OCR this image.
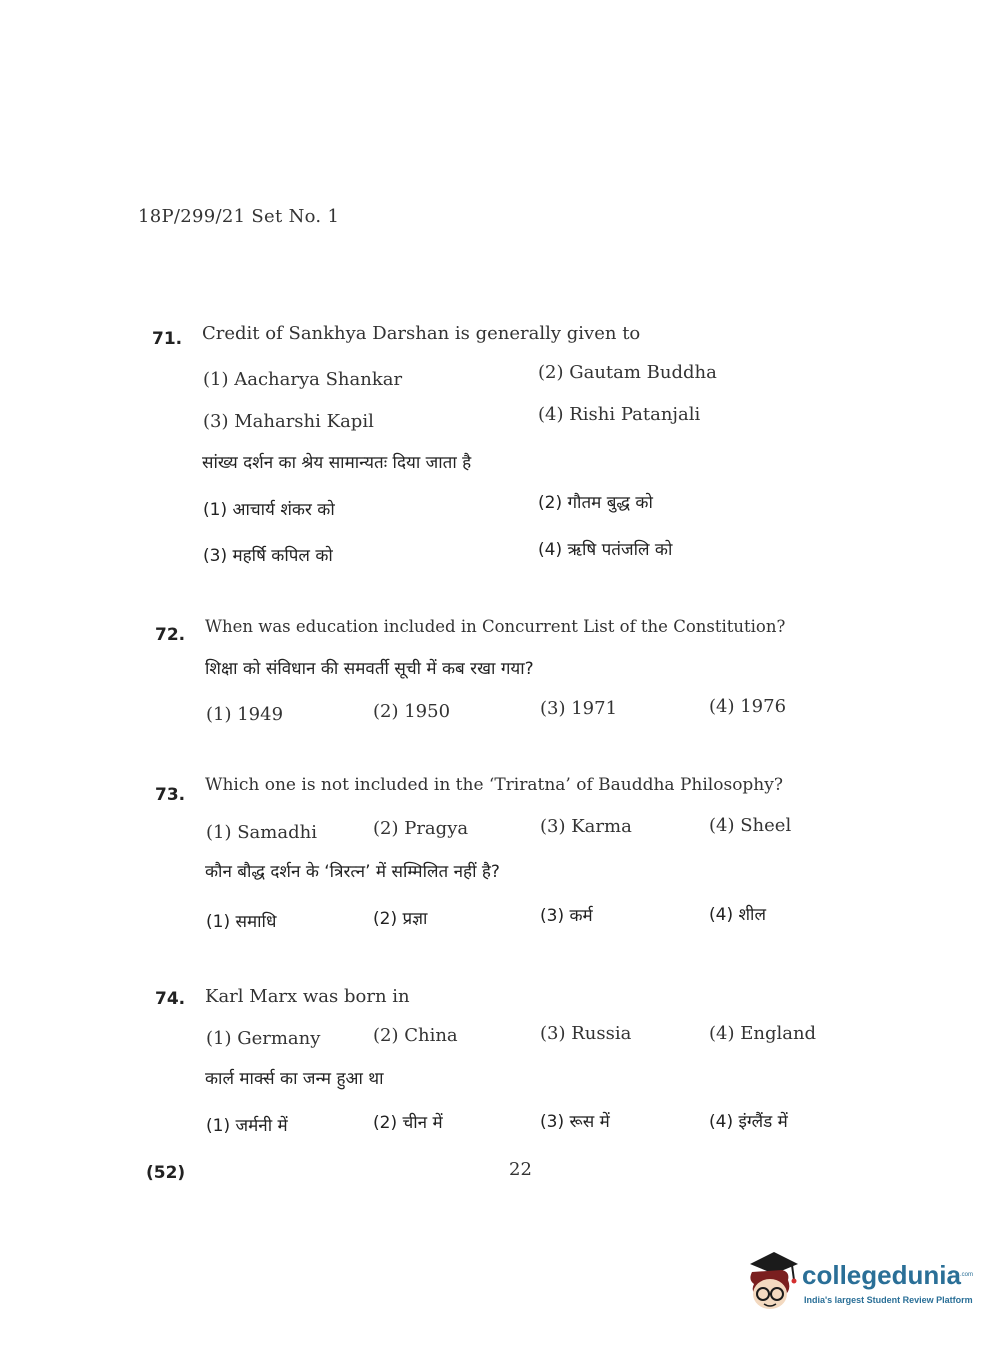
18P/299/21 Set No. 1
71. Credit of Sankhya Darshan is generally given to
(1) Aacharya Shankar	(2) Gautam Buddha
(3) Maharshi Kapil	(4) Rishi Patanjali
सांख्य दर्शन का श्रेय सामान्यतः दिया जाता है
(1) आचार्य शंकर को	(2) गौतम बुद्ध को
(3) महर्षि कपिल को	(4) ऋषि पतंजलि को
72. When was education included in Concurrent List of the Constitution?
शिक्षा को संविधान की समवर्ती सूची में कब रखा गया?
(1) 1949	(2) 1950	(3) 1971	(4) 1976
73. Which one is not included in the ‘Triratna’ of Bauddha Philosophy?
(1) Samadhi	(2) Pragya	(3) Karma	(4) Sheel
कौन बौद्ध दर्शन के ‘त्रिरत्न’ में सम्मिलित नहीं है?
(1) समाधि	(2) प्रज्ञा	(3) कर्म	(4) शील
74. Karl Marx was born in
(1) Germany	(2) China	(3) Russia	(4) England
कार्ल मार्क्स का जन्म हुआ था
(1) जर्मनी में	(2) चीन में	(3) रूस में	(4) इंग्लैंड में
(52)	22
collegedunia .com
India's largest Student Review Platform
